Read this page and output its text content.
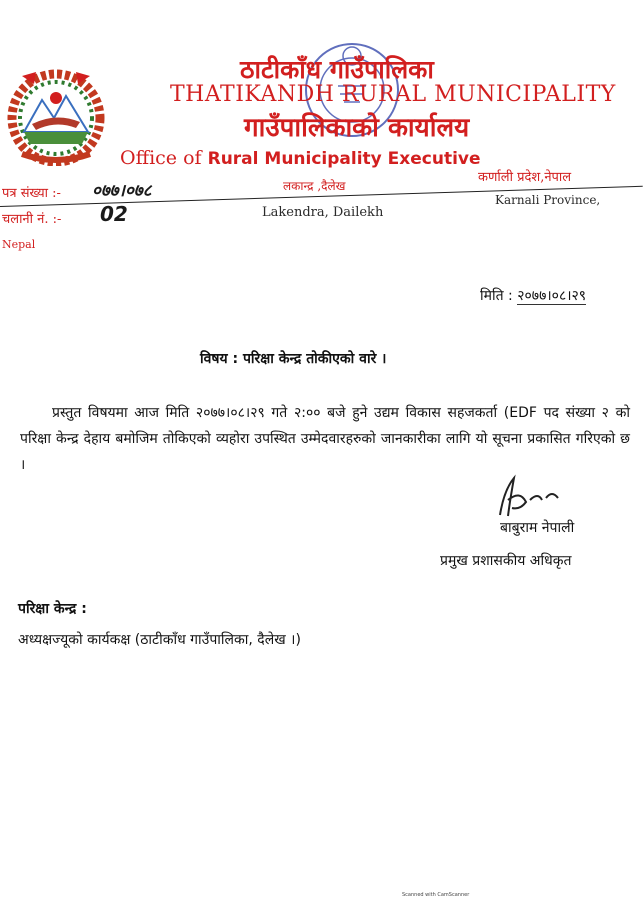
ठाटीकाँध गाउँपालिका
THATIKANDH RURAL MUNICIPALITY
गाउँपालिकाको कार्यालय
Office of Rural Municipality Executive
लकान्द्र ,दैलेख
कर्णाली प्रदेश,नेपाल
पत्र संख्या :- ०७७।०७८
चलानी नं. :- 02	Lakendra, Dailekh
Karnali Province,
Nepal
मिति : २०७७।०८।२९
विषय : परिक्षा केन्द्र तोकीएको वारे ।
प्रस्तुत विषयमा आज मिति २०७७।०८।२९ गते २:०० बजे हुने उद्यम विकास सहजकर्ता (EDF पद संख्या २ को परिक्षा केन्द्र देहाय बमोजिम तोकिएको व्यहोरा उपस्थित उम्मेदवारहरुको जानकारीका लागि यो सूचना प्रकासित गरिएको छ ।
बाबुराम नेपाली
प्रमुख प्रशासकीय अधिकृत
परिक्षा केन्द्र :
अध्यक्षज्यूको कार्यकक्ष (ठाटीकाँध गाउँपालिका, दैलेख ।)
Scanned with CamScanner
